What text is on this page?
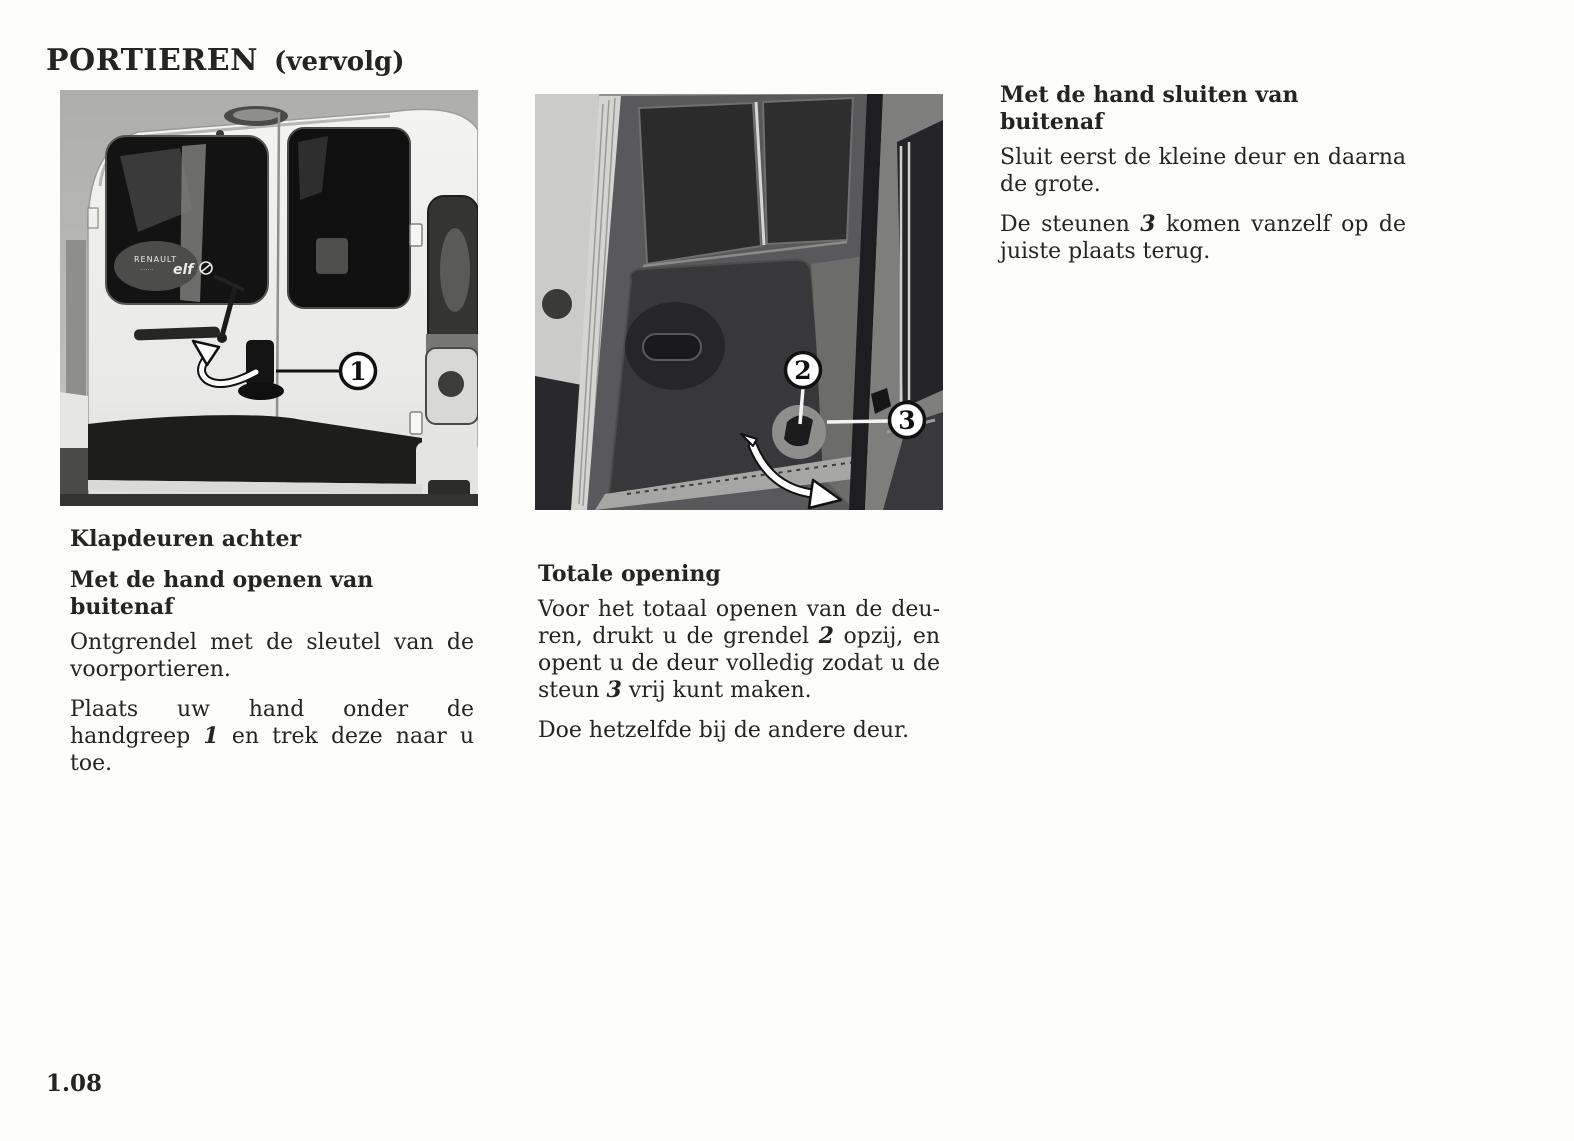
PORTIEREN (vervolg)
RENAULT
······· elf
1	2
3
Klapdeuren achter
Met de hand openen van buitenaf

Ontgrendel met de sleutel van de voorportieren.

Plaats uw hand onder de handgreep 1 en trek deze naar u toe.

Totale opening

Voor het totaal openen van de deuren, drukt u de grendel 2 opzij, en opent u de deur volledig zodat u de steun 3 vrij kunt maken.

Doe hetzelfde bij de andere deur.

Met de hand sluiten van buitenaf

Sluit eerst de kleine deur en daarna de grote.

De steunen 3 komen vanzelf op de juiste plaats terug.

1.08
